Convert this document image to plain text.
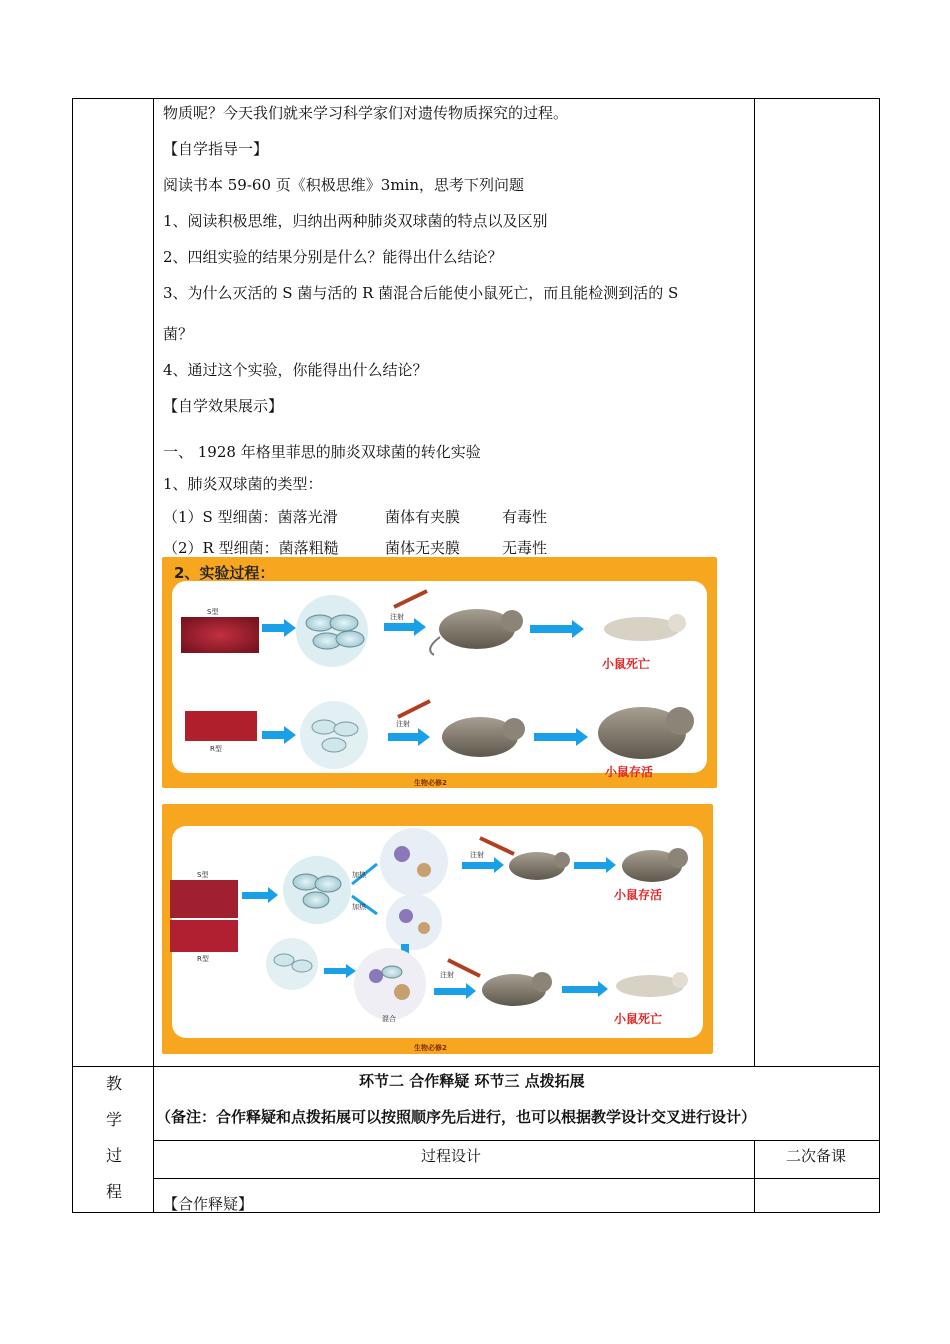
物质呢？今天我们就来学习科学家们对遗传物质探究的过程。
【自学指导一】
阅读书本 59-60 页《积极思维》3min，思考下列问题
1、阅读积极思维，归纳出两种肺炎双球菌的特点以及区别
2、四组实验的结果分别是什么？能得出什么结论？
3、为什么灭活的 S 菌与活的 R 菌混合后能使小鼠死亡，而且能检测到活的 S
菌？
4、通过这个实验，你能得出什么结论？
【自学效果展示】
一、 1928 年格里菲思的肺炎双球菌的转化实验
1、肺炎双球菌的类型：
（1）S 型细菌：菌落光滑	菌体有夹膜	有毒性
（2）R 型细菌：菌落粗糙	菌体无夹膜	无毒性
2、实验过程：
S型
R型
注射
注射
小鼠死亡
小鼠存活
生物必修2
S型
R型
加热
加热
注射
注射
混合
小鼠存活
小鼠死亡
生物必修2
教
学
过
程
环节二 合作释疑 环节三 点拨拓展
（备注：合作释疑和点拨拓展可以按照顺序先后进行，也可以根据教学设计交叉进行设计）
过程设计	二次备课
【合作释疑】
